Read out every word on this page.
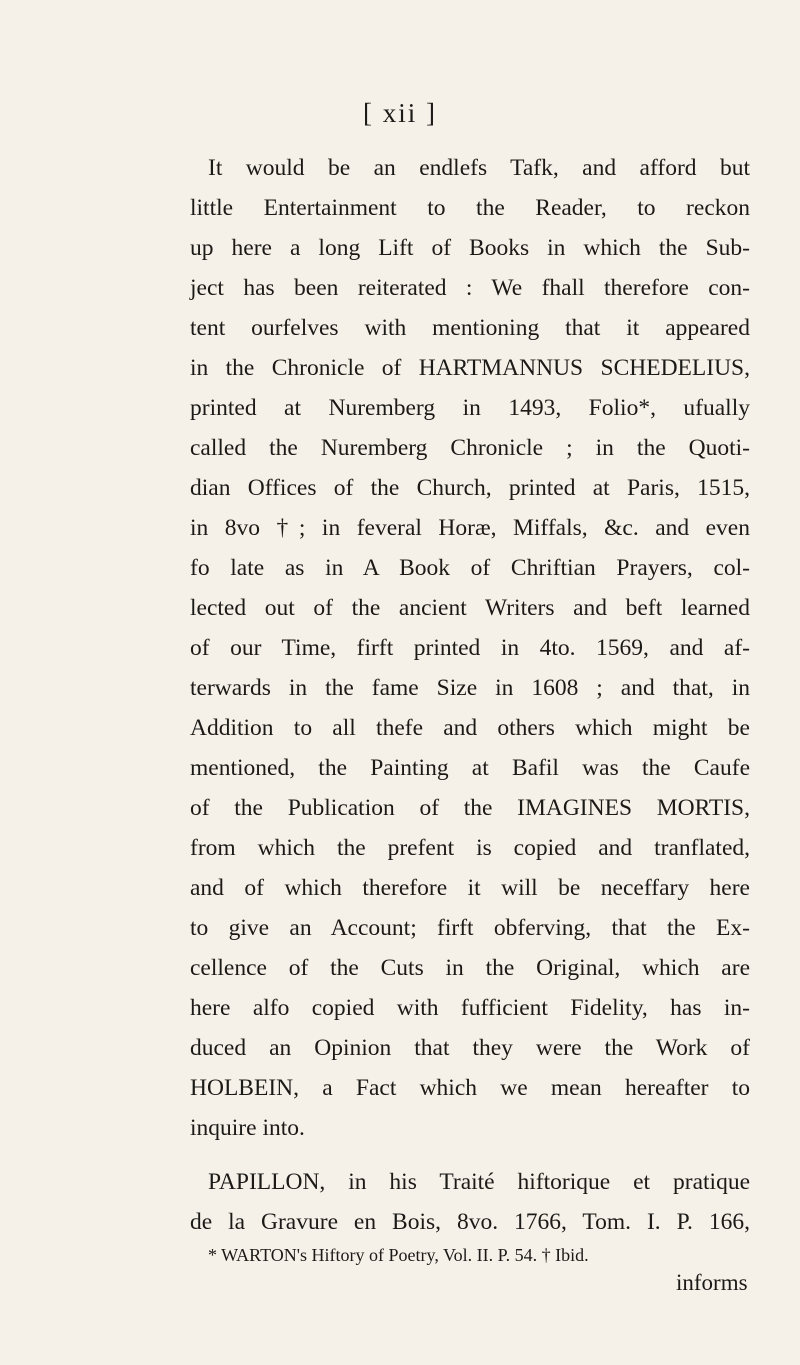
[ xii ]
It would be an endlefs Tafk, and afford but
little Entertainment to the Reader, to reckon
up here a long Lift of Books in which the Sub-
ject has been reiterated : We fhall therefore con-
tent ourfelves with mentioning that it appeared
in the Chronicle of HARTMANNUS SCHEDELIUS,
printed at Nuremberg in 1493, Folio*, ufually
called the Nuremberg Chronicle ; in the Quoti-
dian Offices of the Church, printed at Paris, 1515,
in 8vo †; in feveral Horæ, Miffals, &c. and even
fo late as in A Book of Chriftian Prayers, col-
lected out of the ancient Writers and beft learned
of our Time, firft printed in 4to. 1569, and af-
terwards in the fame Size in 1608 ; and that, in
Addition to all thefe and others which might be
mentioned, the Painting at Bafil was the Caufe
of the Publication of the IMAGINES MORTIS,
from which the prefent is copied and tranflated,
and of which therefore it will be neceffary here
to give an Account; firft obferving, that the Ex-
cellence of the Cuts in the Original, which are
here alfo copied with fufficient Fidelity, has in-
duced an Opinion that they were the Work of
HOLBEIN, a Fact which we mean hereafter to
inquire into.
PAPILLON, in his Traité hiftorique et pratique
de la Gravure en Bois, 8vo. 1766, Tom. I. P. 166,
* WARTON's Hiftory of Poetry, Vol. II. P. 54. † Ibid.
informs
